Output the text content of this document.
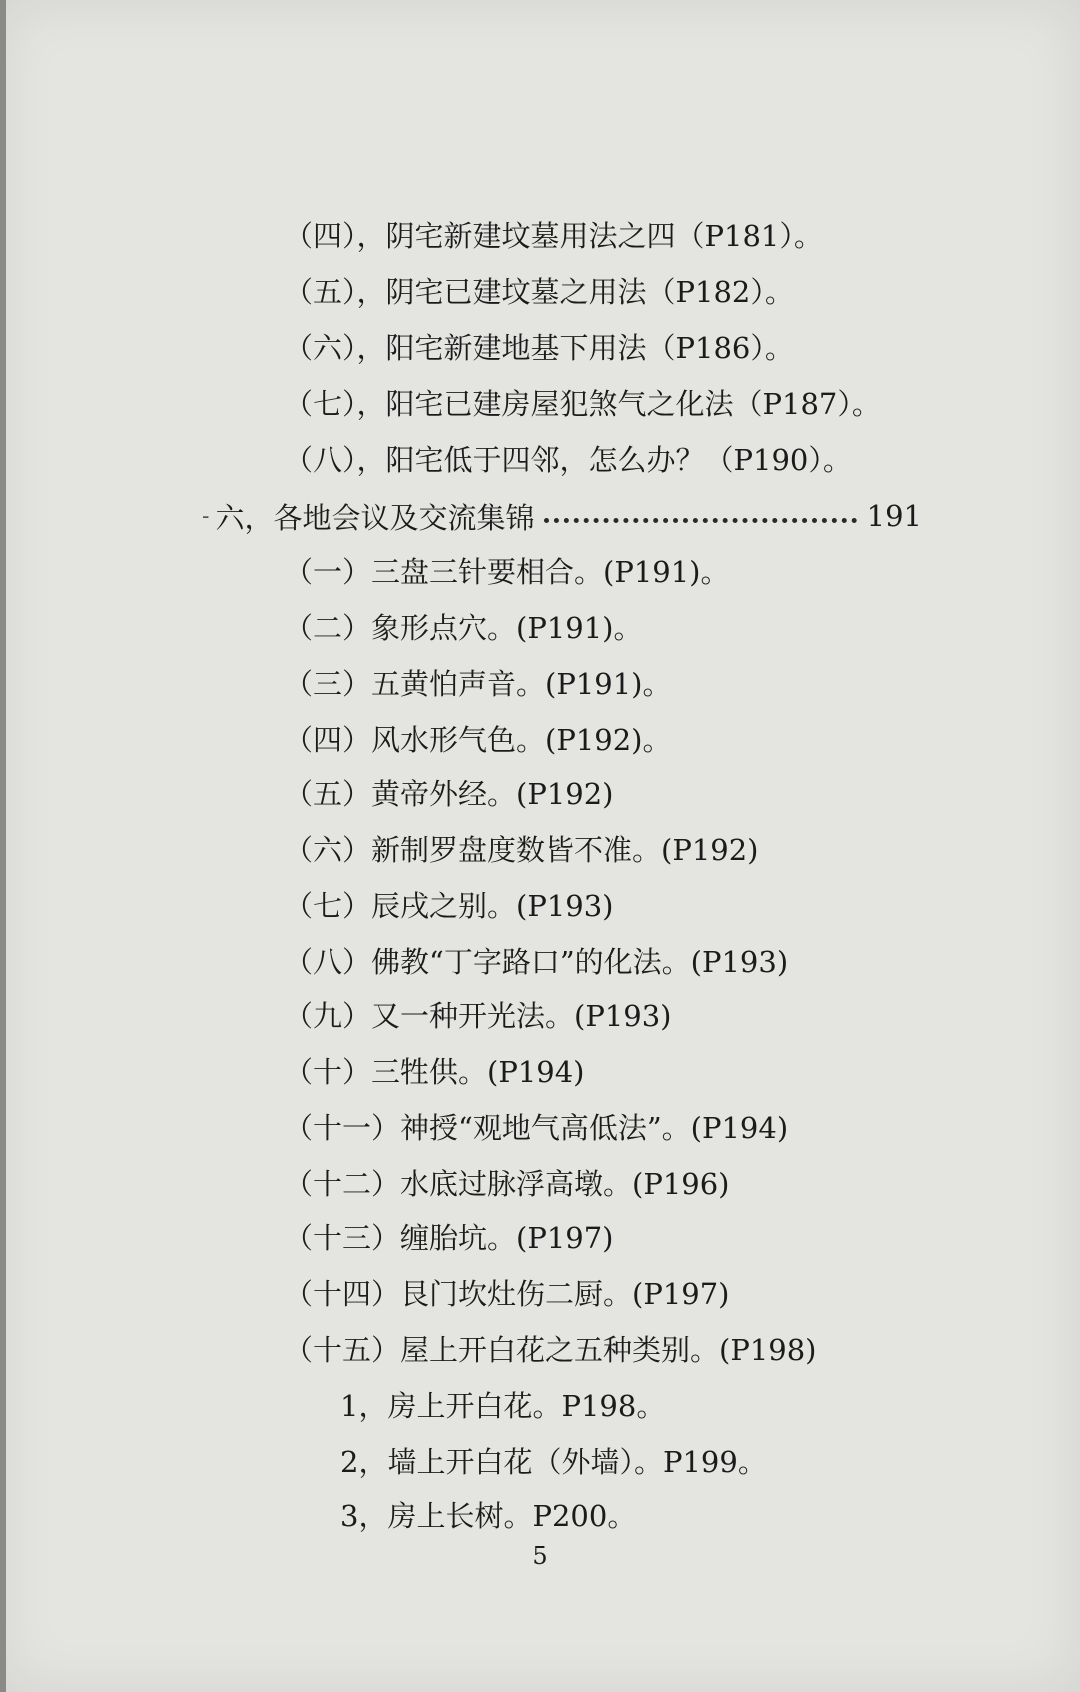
（四），阴宅新建坟墓用法之四（P181）。
（五），阴宅已建坟墓之用法（P182）。
（六），阳宅新建地基下用法（P186）。
（七），阳宅已建房屋犯煞气之化法（P187）。
（八），阳宅低于四邻，怎么办？（P190）。
- 六，各地会议及交流集锦	191
（一）三盘三针要相合。(P191)。
（二）象形点穴。(P191)。
（三）五黄怕声音。(P191)。
（四）风水形气色。(P192)。
（五）黄帝外经。(P192)
（六）新制罗盘度数皆不准。(P192)
（七）辰戌之别。(P193)
（八）佛教“丁字路口”的化法。(P193)
（九）又一种开光法。(P193)
（十）三牲供。(P194)
（十一）神授“观地气高低法”。(P194)
（十二）水底过脉浮高墩。(P196)
（十三）缠胎坑。(P197)
（十四）艮门坎灶伤二厨。(P197)
（十五）屋上开白花之五种类别。(P198)
1，房上开白花。P198。
2，墙上开白花（外墙）。P199。
3，房上长树。P200。
5
